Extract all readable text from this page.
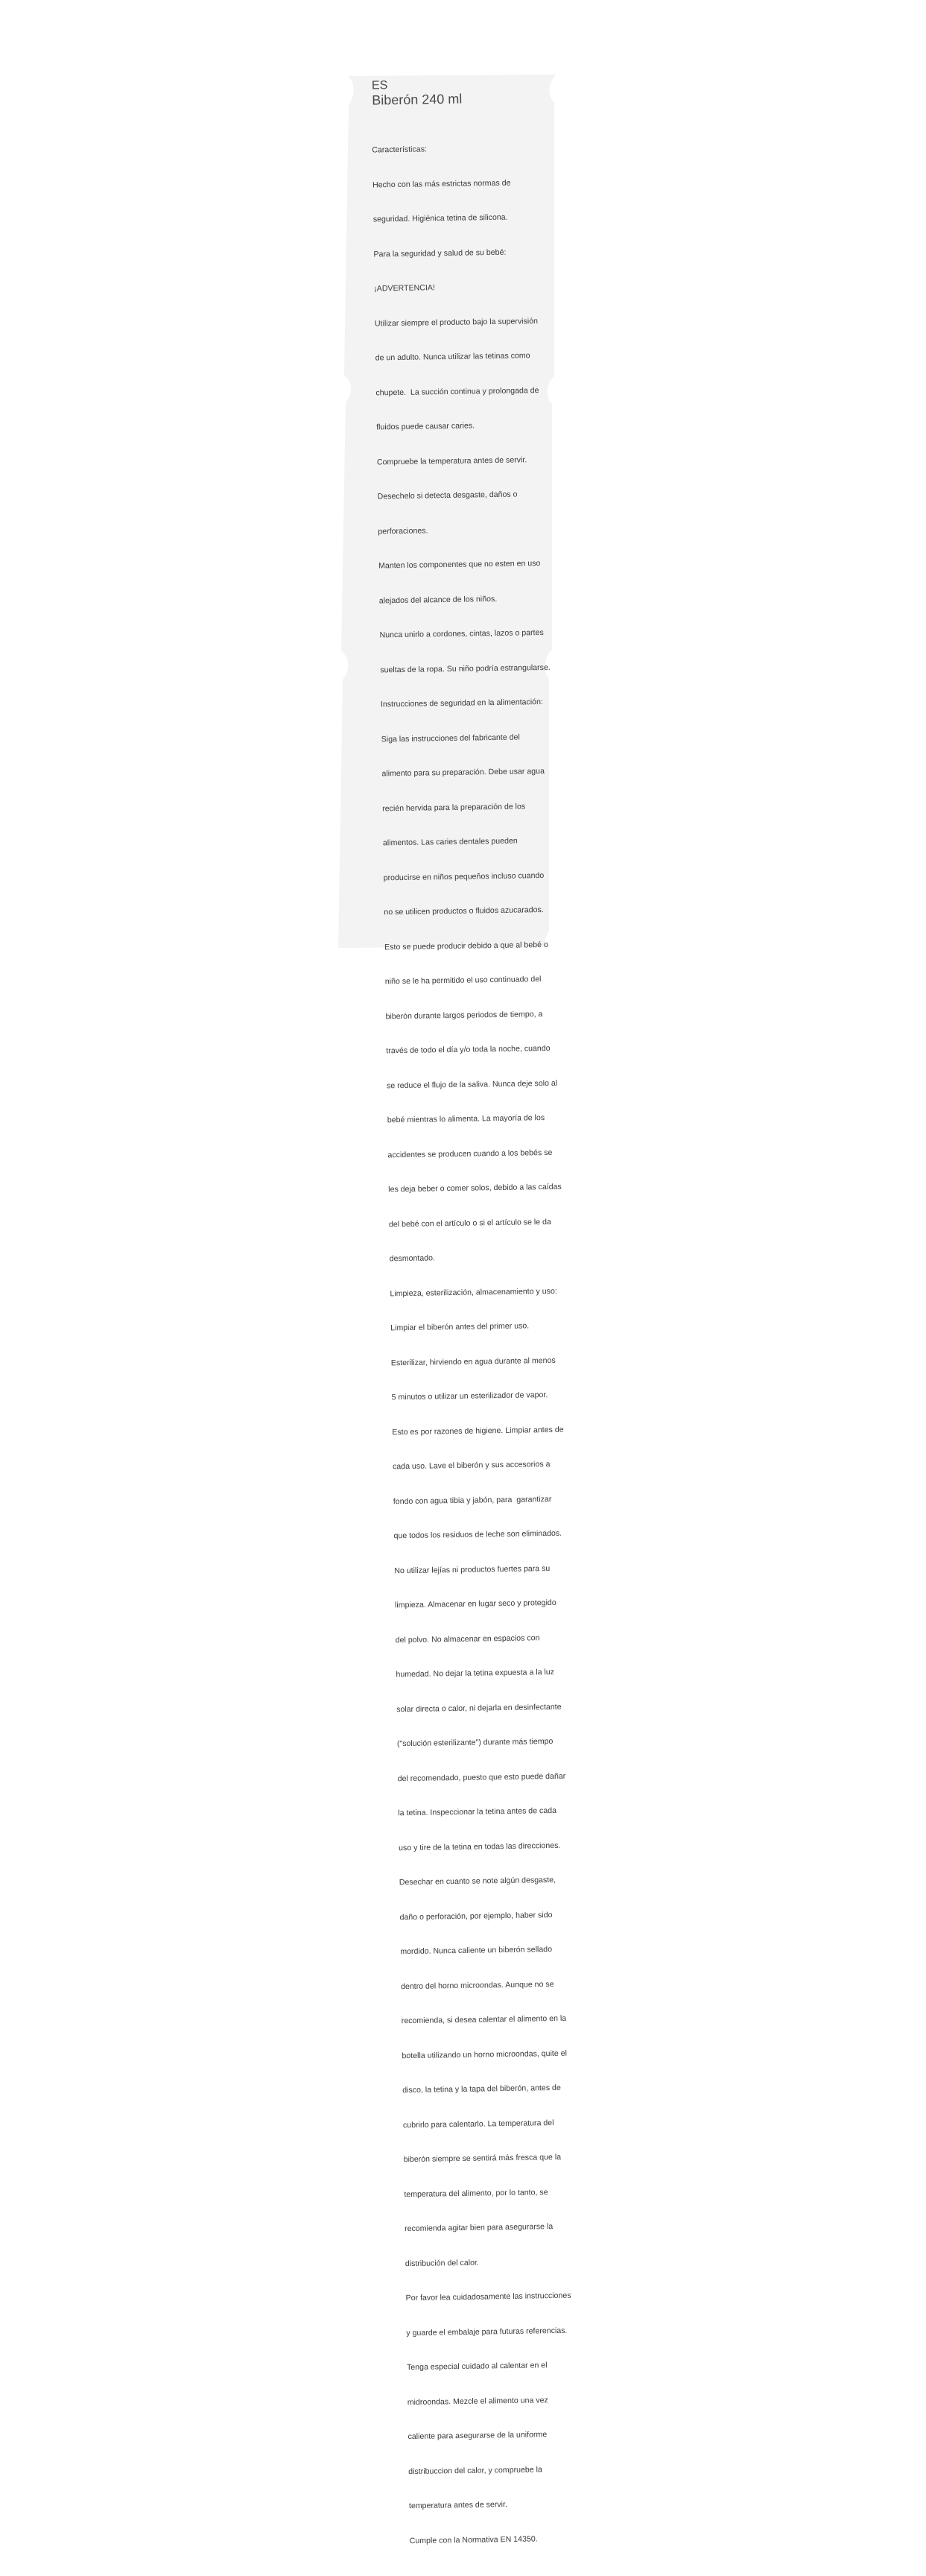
ES
Biberón 240 ml

Características:

Hecho con las más estrictas normas de

seguridad. Higiénica tetina de silicona.

Para la seguridad y salud de su bebé:

¡ADVERTENCIA!

Utilizar siempre el producto bajo la supervisión

de un adulto. Nunca utilizar las tetinas como

chupete.  La succión continua y prolongada de

fluidos puede causar caries.

Compruebe la temperatura antes de servir.

Desechelo si detecta desgaste, daños o

perforaciones.

Manten los componentes que no esten en uso

alejados del alcance de los niños.

Nunca unirlo a cordones, cintas, lazos o partes

sueltas de la ropa. Su niño podría estrangularse.

Instrucciones de seguridad en la alimentación:

Siga las instrucciones del fabricante del

alimento para su preparación. Debe usar agua

recién hervida para la preparación de los

alimentos. Las caries dentales pueden

producirse en niños pequeños incluso cuando

no se utilicen productos o fluidos azucarados.

Esto se puede producir debido a que al bebé o

niño se le ha permitido el uso continuado del

biberón durante largos periodos de tiempo, a

través de todo el día y/o toda la noche, cuando

se reduce el flujo de la saliva. Nunca deje solo al

bebé mientras lo alimenta. La mayoría de los

accidentes se producen cuando a los bebés se

les deja beber o comer solos, debido a las caídas

del bebé con el artículo o si el artículo se le da

desmontado.

Limpieza, esterilización, almacenamiento y uso:

Limpiar el biberón antes del primer uso.

Esterilizar, hirviendo en agua durante al menos

5 minutos o utilizar un esterilizador de vapor.

Esto es por razones de higiene. Limpiar antes de

cada uso. Lave el biberón y sus accesorios a

fondo con agua tibia y jabón, para  garantizar

que todos los residuos de leche son eliminados.

No utilizar lejías ni productos fuertes para su

limpieza. Almacenar en lugar seco y protegido

del polvo. No almacenar en espacios con

humedad. No dejar la tetina expuesta a la luz

solar directa o calor, ni dejarla en desinfectante

("solución esterilizante") durante más tiempo

del recomendado, puesto que esto puede dañar

la tetina. Inspeccionar la tetina antes de cada

uso y tire de la tetina en todas las direcciones.

Desechar en cuanto se note algún desgaste,

daño o perforación, por ejemplo, haber sido

mordido. Nunca caliente un biberón sellado

dentro del horno microondas. Aunque no se

recomienda, si desea calentar el alimento en la

botella utilizando un horno microondas, quite el

disco, la tetina y la tapa del biberón, antes de

cubrirlo para calentarlo. La temperatura del

biberón siempre se sentirá más fresca que la

temperatura del alimento, por lo tanto, se

recomienda agitar bien para asegurarse la

distribución del calor.

Por favor lea cuidadosamente las instrucciones

y guarde el embalaje para futuras referencias.

Tenga especial cuidado al calentar en el

midroondas. Mezcle el alimento una vez

caliente para asegurarse de la uniforme

distribuccion del calor, y compruebe la

temperatura antes de servir.

Cumple con la Normativa EN 14350.
